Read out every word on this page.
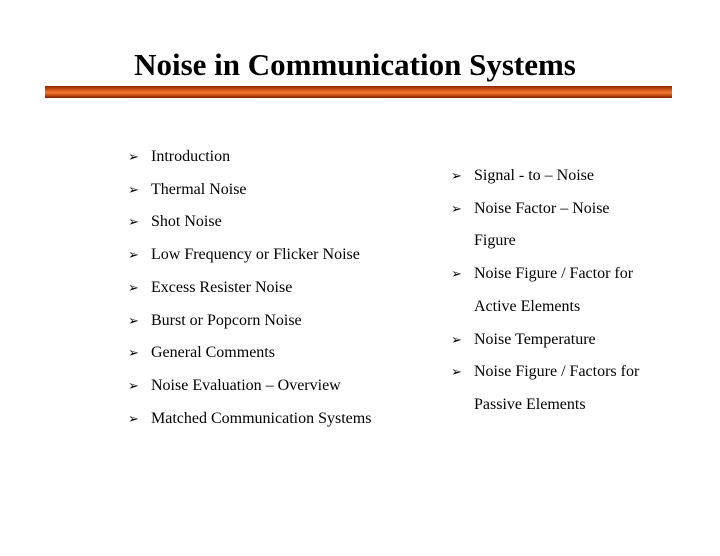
Noise in Communication Systems
➢ Introduction
➢ Thermal Noise
➢ Shot Noise
➢ Low Frequency or Flicker Noise
➢ Excess Resister Noise
➢ Burst or Popcorn Noise
➢ General Comments
➢ Noise Evaluation – Overview
➢ Matched Communication Systems
➢ Signal - to – Noise
➢ Noise Factor – Noise Figure
➢ Noise Figure / Factor for Active Elements
➢ Noise Temperature
➢ Noise Figure / Factors for Passive Elements
